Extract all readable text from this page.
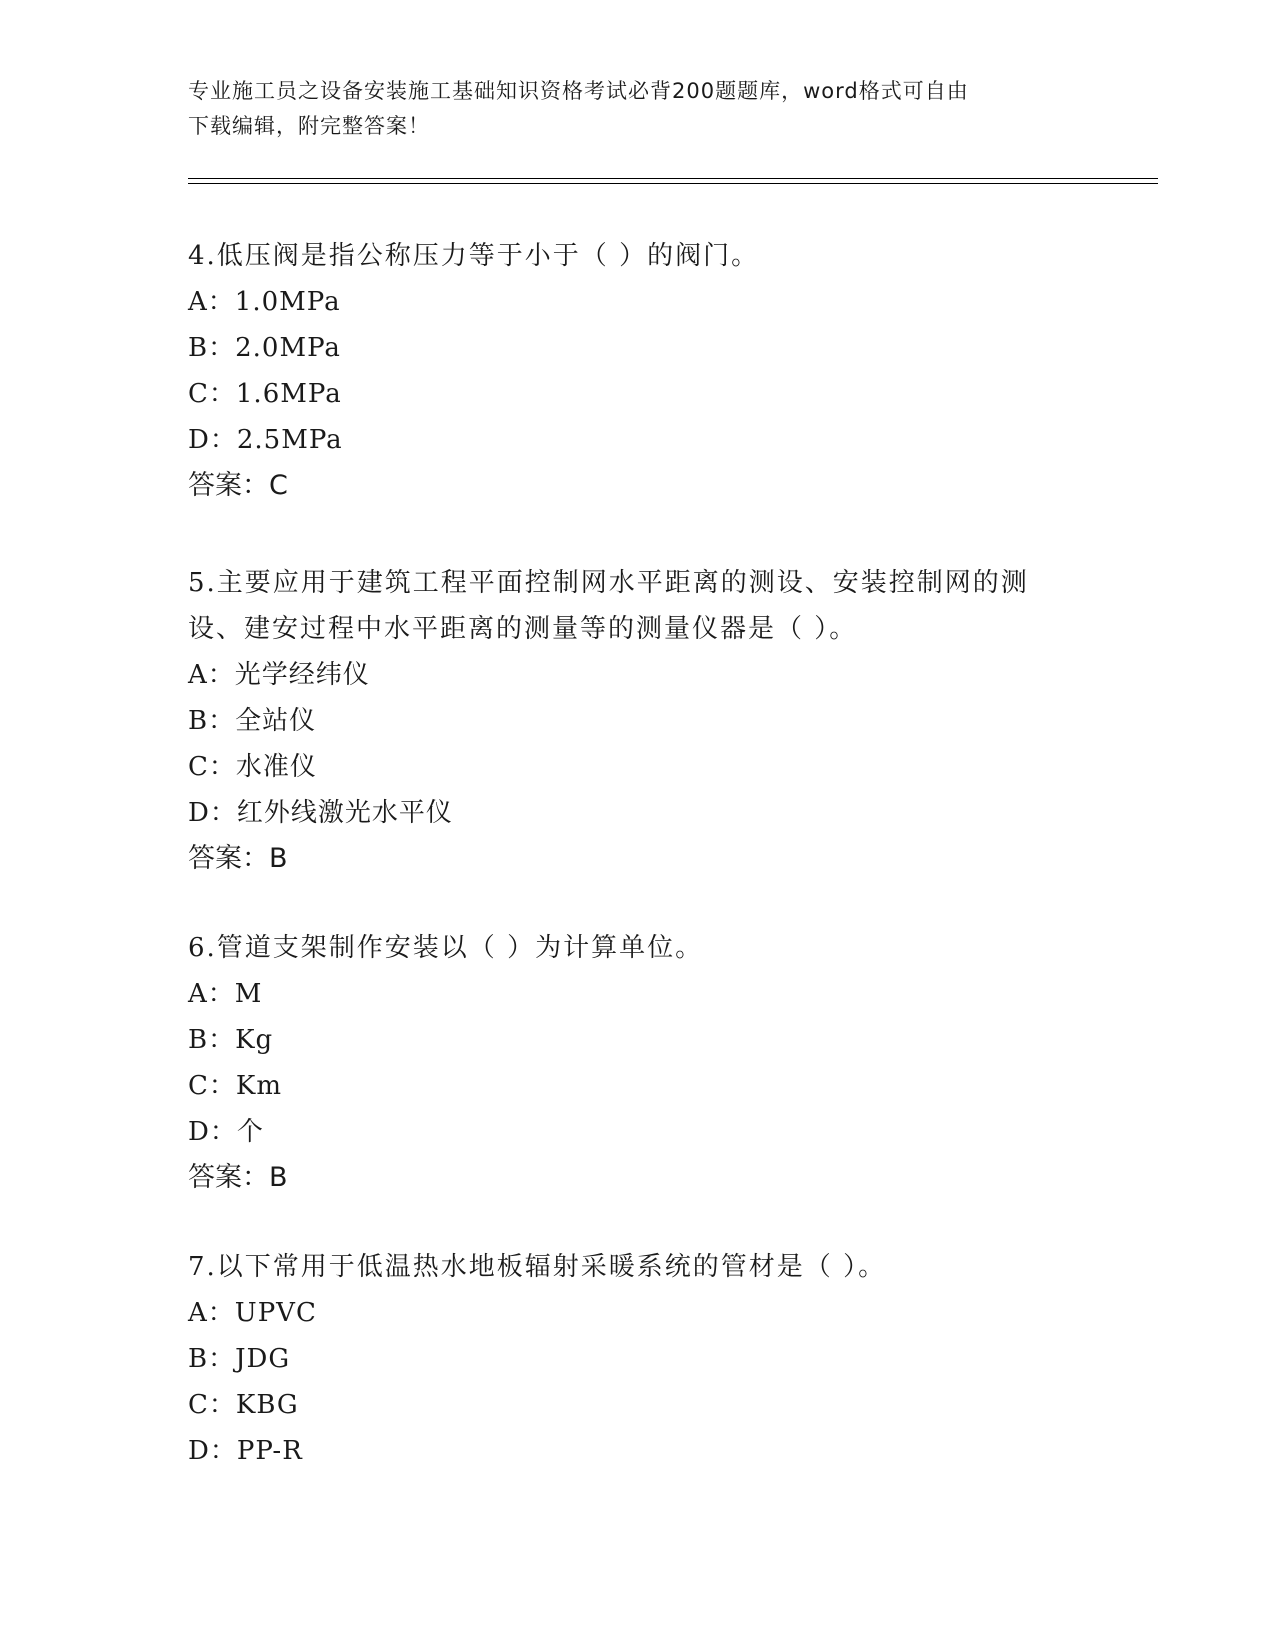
专业施工员之设备安装施工基础知识资格考试必背200题题库，word格式可自由
下载编辑，附完整答案！

4.低压阀是指公称压力等于小于（ ）的阀门。

A：1.0MPa

B：2.0MPa

C：1.6MPa

D：2.5MPa

答案：C

5.主要应用于建筑工程平面控制网水平距离的测设、安装控制网的测

设、建安过程中水平距离的测量等的测量仪器是（ ）。

A：光学经纬仪

B：全站仪

C：水准仪

D：红外线激光水平仪

答案：B

6.管道支架制作安装以（ ）为计算单位。

A：M

B：Kg

C：Km

D：个

答案：B

7.以下常用于低温热水地板辐射采暖系统的管材是（ ）。

A：UPVC

B：JDG

C：KBG

D：PP-R
